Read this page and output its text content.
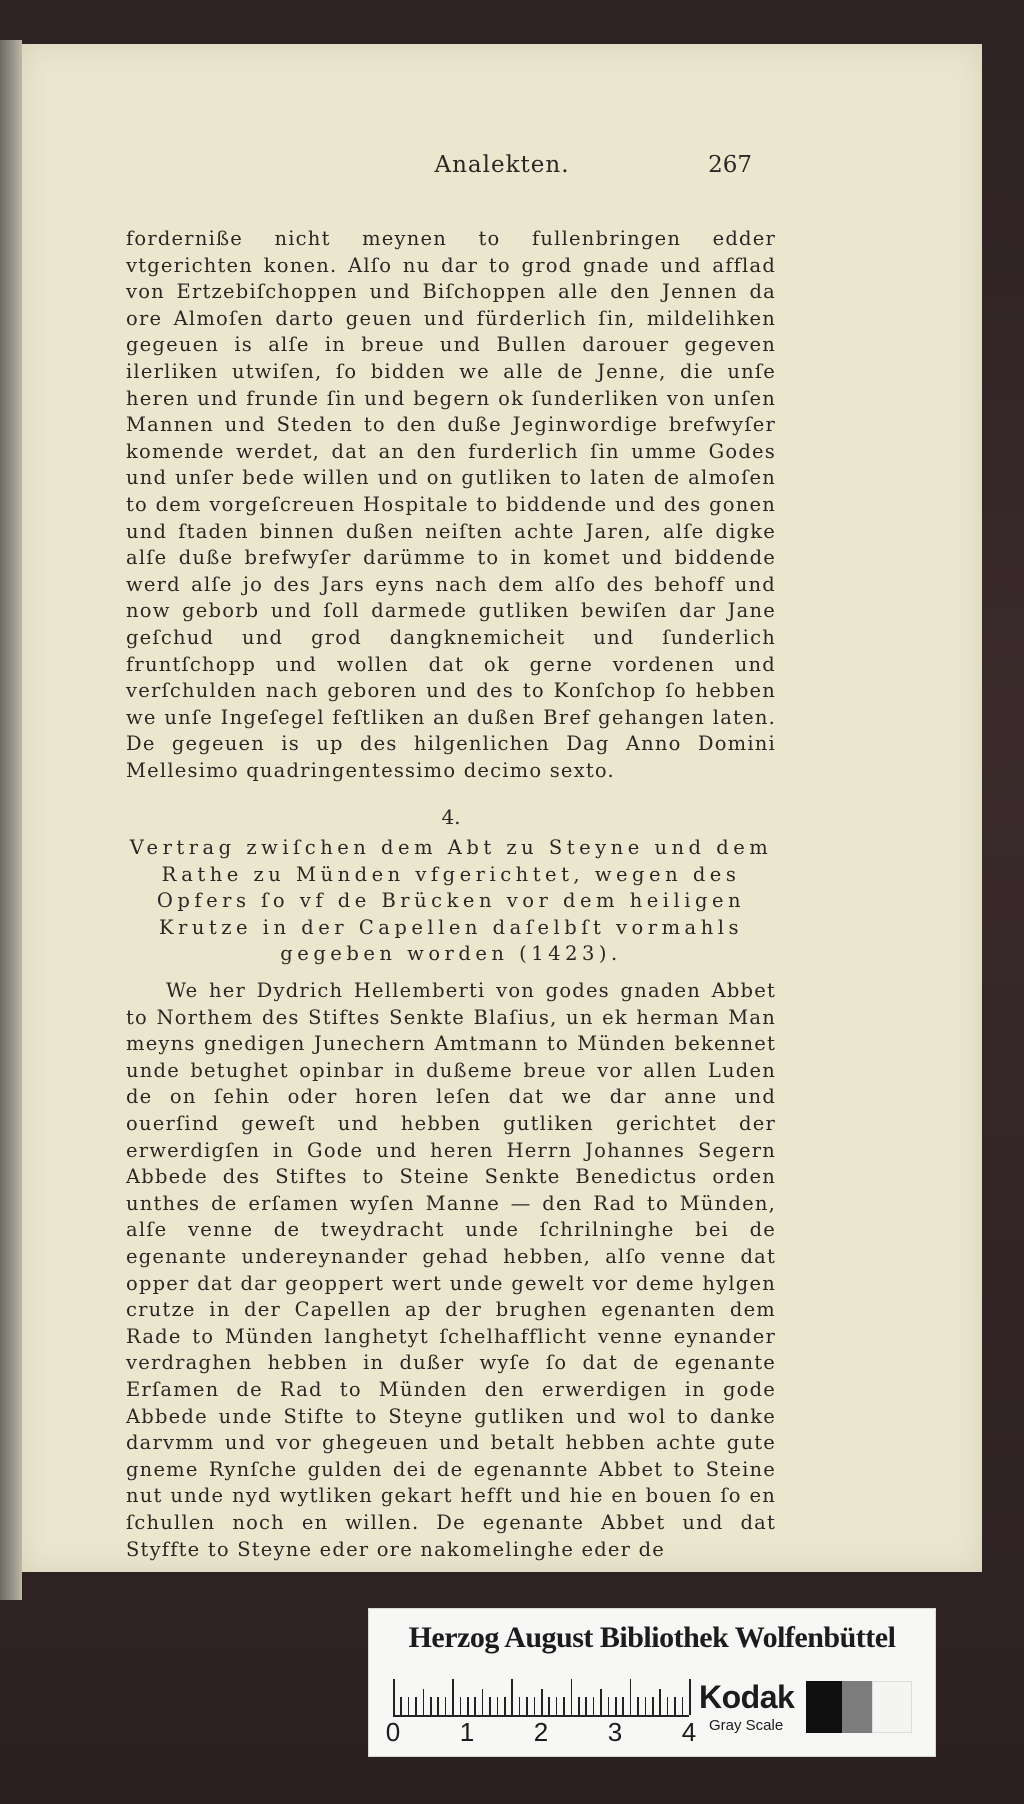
Analekten.	267

forderniße nicht meynen to fullenbringen edder vtgerichten konen. Alſo nu dar to grod gnade und afflad von Ertzebiſchoppen und Biſchoppen alle den Jennen da ore Almoſen darto geuen und fürderlich ſin, mildelihken gegeuen is alſe in breue und Bullen darouer gegeven ilerliken utwiſen, ſo bidden we alle de Jenne, die unſe heren und frunde ſin und begern ok ſunderliken von unſen Mannen und Steden to den duße Jeginwordige brefwyſer komende werdet, dat an den furderlich ſin umme Godes und unſer bede willen und on gutliken to laten de almoſen to dem vorgeſcreuen Hospitale to biddende und des gonen und ſtaden binnen dußen neiſten achte Jaren, alſe digke alſe duße brefwyſer darümme to in komet und biddende werd alſe jo des Jars eyns nach dem alſo des behoff und now geborb und ſoll darmede gutliken bewiſen dar Jane geſchud und grod dangknemicheit und ſunderlich fruntſchopp und wollen dat ok gerne vordenen und verſchulden nach geboren und des to Konſchop ſo hebben we unſe Ingeſegel feſtliken an dußen Bref gehangen laten. De gegeuen is up des hilgenlichen Dag Anno Domini Mellesimo quadringentessimo decimo sexto.

4.

Vertrag zwiſchen dem Abt zu Steyne und dem Rathe zu Münden vfgerichtet, wegen des Opfers ſo vf de Brücken vor dem heiligen Krutze in der Capellen daſelbſt vormahls gegeben worden (1423).

We her Dydrich Hellemberti von godes gnaden Abbet to Northem des Stiftes Senkte Blaſius, un ek herman Man meyns gnedigen Junechern Amtmann to Münden bekennet unde betughet opinbar in dußeme breue vor allen Luden de on ſehin oder horen leſen dat we dar anne und ouerſind geweſt und hebben gutliken gerichtet der erwerdigſen in Gode und heren Herrn Johannes Segern Abbede des Stiftes to Steine Senkte Benedictus orden unthes de erſamen wyſen Manne — den Rad to Münden, alſe venne de tweydracht unde ſchrilninghe bei de egenante undereynander gehad hebben, alſo venne dat opper dat dar geoppert wert unde gewelt vor deme hylgen crutze in der Capellen ap der brughen egenanten dem Rade to Münden langhetyt ſchelhafflicht venne eynander verdraghen hebben in dußer wyſe ſo dat de egenante Erſamen de Rad to Münden den erwerdigen in gode Abbede unde Stifte to Steyne gutliken und wol to danke darvmm und vor ghegeuen und betalt hebben achte gute gneme Rynſche gulden dei de egenannte Abbet to Steine nut unde nyd wytliken gekart hefft und hie en bouen ſo en ſchullen noch en willen. De egenante Abbet und dat Styffte to Steyne eder ore nakomelinghe eder de

Herzog August Bibliothek Wolfenbüttel
0 1 2 3 4
Kodak
Gray Scale
